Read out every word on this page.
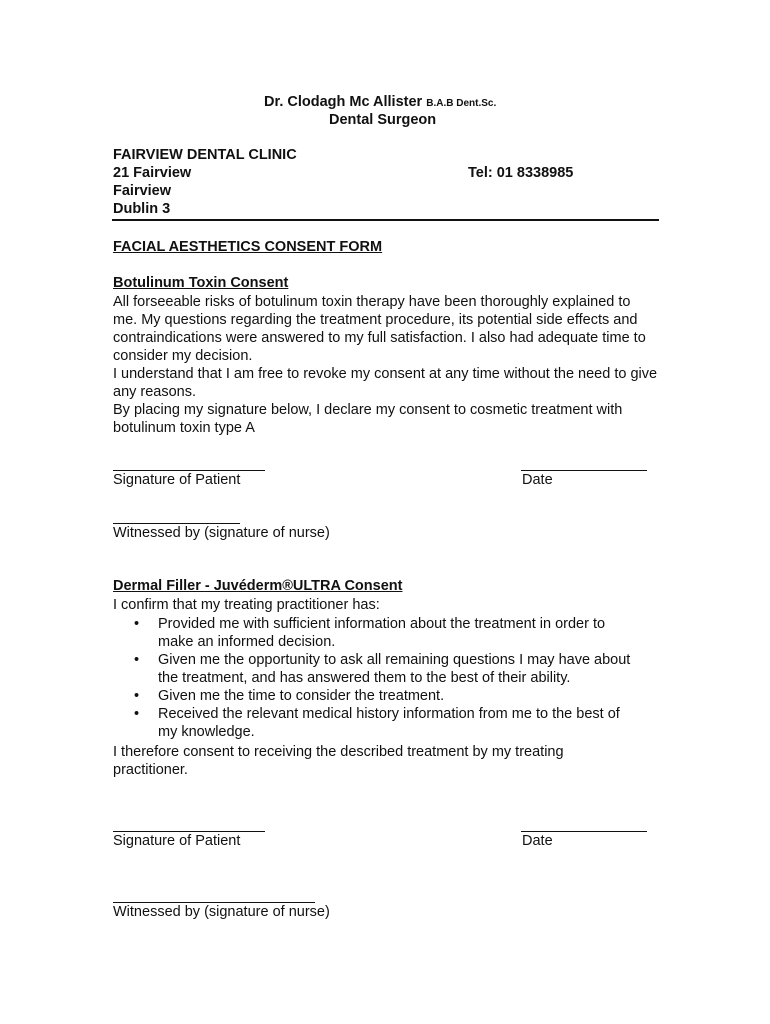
Dr. Clodagh Mc Allister B.A.B Dent.Sc.
Dental Surgeon
FAIRVIEW DENTAL CLINIC
21 Fairview	Tel: 01 8338985
Fairview
Dublin 3
FACIAL AESTHETICS CONSENT FORM
Botulinum Toxin Consent

All forseeable risks of botulinum toxin therapy have been thoroughly explained to me. My questions regarding the treatment procedure, its potential side effects and contraindications were answered to my full satisfaction. I also had adequate time to consider my decision.

I understand that I am free to revoke my consent at any time without the need to give any reasons.

By placing my signature below, I declare my consent to cosmetic treatment with botulinum toxin type A

Signature of Patient	Date
Witnessed by (signature of nurse)
Dermal Filler - Juvéderm®ULTRA Consent
I confirm that my treating practitioner has:
• Provided me with sufficient information about the treatment in order to make an informed decision.
• Given me the opportunity to ask all remaining questions I may have about the treatment, and has answered them to the best of their ability.
• Given me the time to consider the treatment.
• Received the relevant medical history information from me to the best of my knowledge.
I therefore consent to receiving the described treatment by my treating practitioner.
Signature of Patient	Date
Witnessed by (signature of nurse)
